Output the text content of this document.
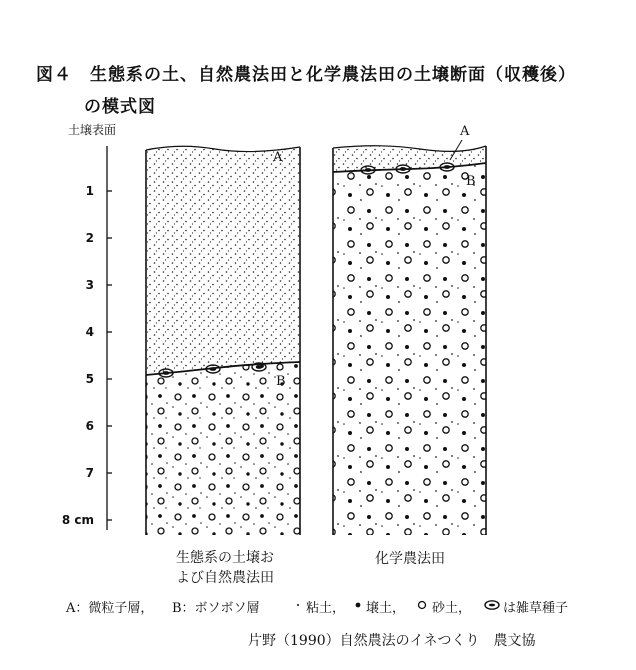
図４　生態系の土、自然農法田と化学農法田の土壌断面（収穫後）
の模式図
土壌表面
1
2
3
4
5
6
7
8 cm
A
B
A
B
生態系の土壌お
よび自然農法田
化学農法田
A：微粒子層， B：ボソボソ層	粘土， 壌土， 砂土， は雑草種子
片野（1990）自然農法のイネつくり　農文協
